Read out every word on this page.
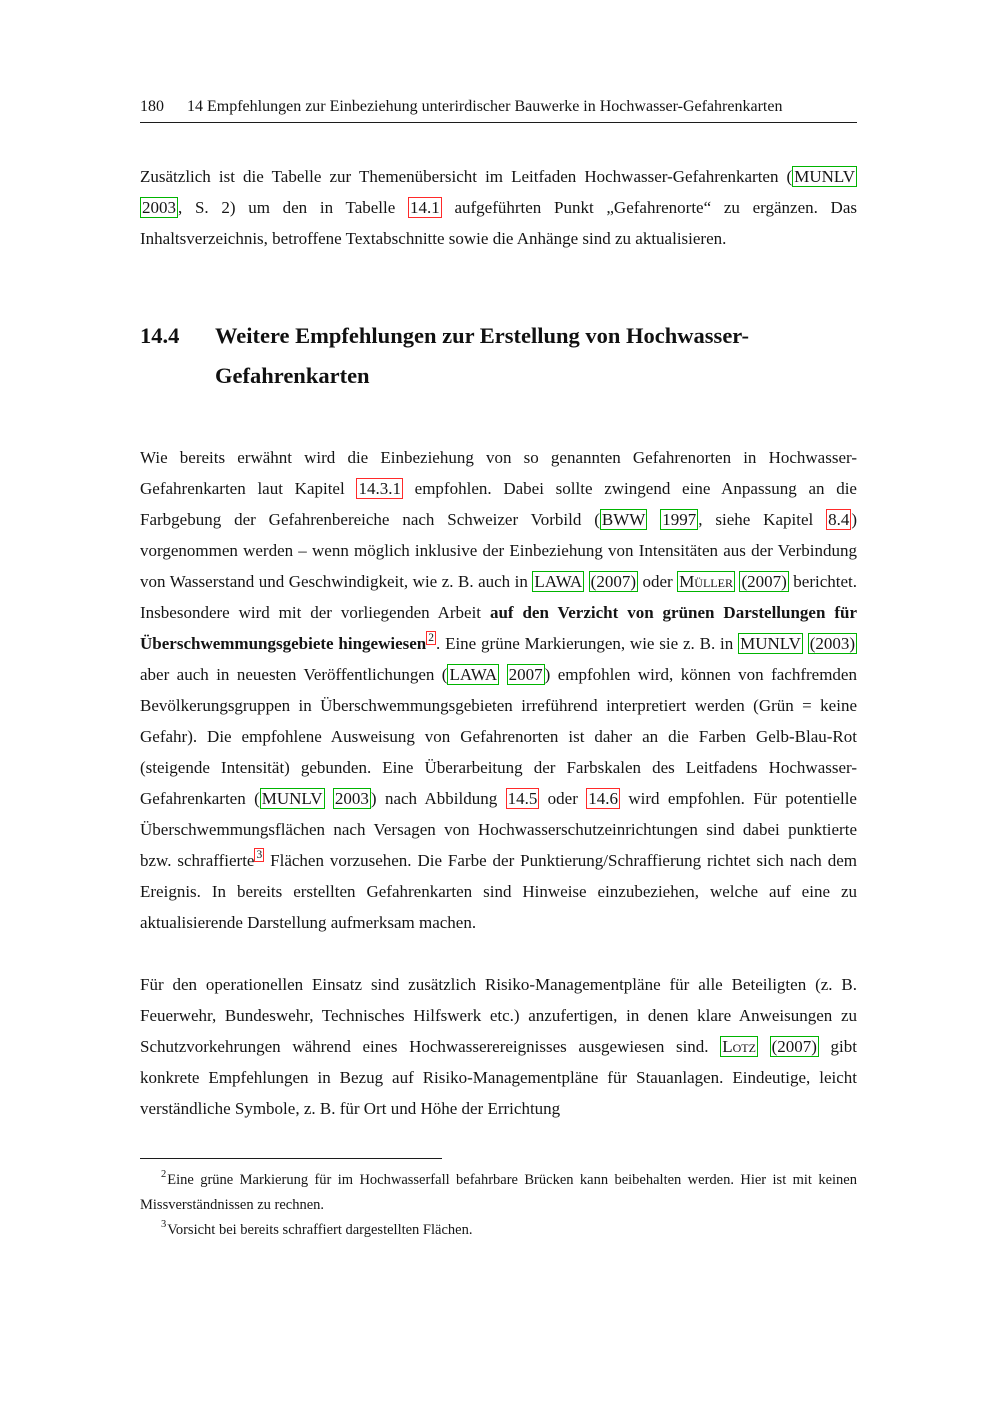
180 14 Empfehlungen zur Einbeziehung unterirdischer Bauwerke in Hochwasser-Gefahrenkarten

Zusätzlich ist die Tabelle zur Themenübersicht im Leitfaden Hochwasser-Gefahrenkarten ( MUNLV 2003 , S. 2) um den in Tabelle 14.1 aufgeführten Punkt „Gefahrenorte“ zu ergänzen. Das Inhaltsverzeichnis, betroffene Textabschnitte sowie die Anhänge sind zu aktualisieren.

14.4	Weitere Empfehlungen zur Erstellung von Hochwasser-Gefahrenkarten

Wie bereits erwähnt wird die Einbeziehung von so genannten Gefahrenorten in Hochwasser-Gefahrenkarten laut Kapitel 14.3.1 empfohlen. Dabei sollte zwingend eine Anpassung an die Farbgebung der Gefahrenbereiche nach Schweizer Vorbild ( BWW 1997 , siehe Kapitel 8.4 ) vorgenommen werden – wenn möglich inklusive der Einbeziehung von Intensitäten aus der Verbindung von Wasserstand und Geschwindigkeit, wie z. B. auch in LAWA (2007) oder Müller (2007) berichtet. Insbesondere wird mit der vorliegenden Arbeit auf den Verzicht von grünen Darstellungen für Überschwemmungsgebiete hingewiesen $^2$ . Eine grüne Markierungen, wie sie z. B. in MUNLV (2003) aber auch in neuesten Veröffentlichungen ( LAWA 2007 ) empfohlen wird, können von fachfremden Bevölkerungsgruppen in Überschwemmungsgebieten irreführend interpretiert werden (Grün = keine Gefahr). Die empfohlene Ausweisung von Gefahrenorten ist daher an die Farben Gelb-Blau-Rot (steigende Intensität) gebunden. Eine Überarbeitung der Farbskalen des Leitfadens Hochwasser-Gefahrenkarten ( MUNLV 2003 ) nach Abbildung 14.5 oder 14.6 wird empfohlen. Für potentielle Überschwemmungsflächen nach Versagen von Hochwasserschutzeinrichtungen sind dabei punktierte bzw. schraffierte $^3$ Flächen vorzusehen. Die Farbe der Punktierung/Schraffierung richtet sich nach dem Ereignis. In bereits erstellten Gefahrenkarten sind Hinweise einzubeziehen, welche auf eine zu aktualisierende Darstellung aufmerksam machen.

Für den operationellen Einsatz sind zusätzlich Risiko-Managementpläne für alle Beteiligten (z. B. Feuerwehr, Bundeswehr, Technisches Hilfswerk etc.) anzufertigen, in denen klare Anweisungen zu Schutzvorkehrungen während eines Hochwasserereignisses ausgewiesen sind. Lotz (2007) gibt konkrete Empfehlungen in Bezug auf Risiko-Managementpläne für Stauanlagen. Eindeutige, leicht verständliche Symbole, z. B. für Ort und Höhe der Errichtung

$^2$Eine grüne Markierung für im Hochwasserfall befahrbare Brücken kann beibehalten werden. Hier ist mit keinen Missverständnissen zu rechnen.

$^3$Vorsicht bei bereits schraffiert dargestellten Flächen.
